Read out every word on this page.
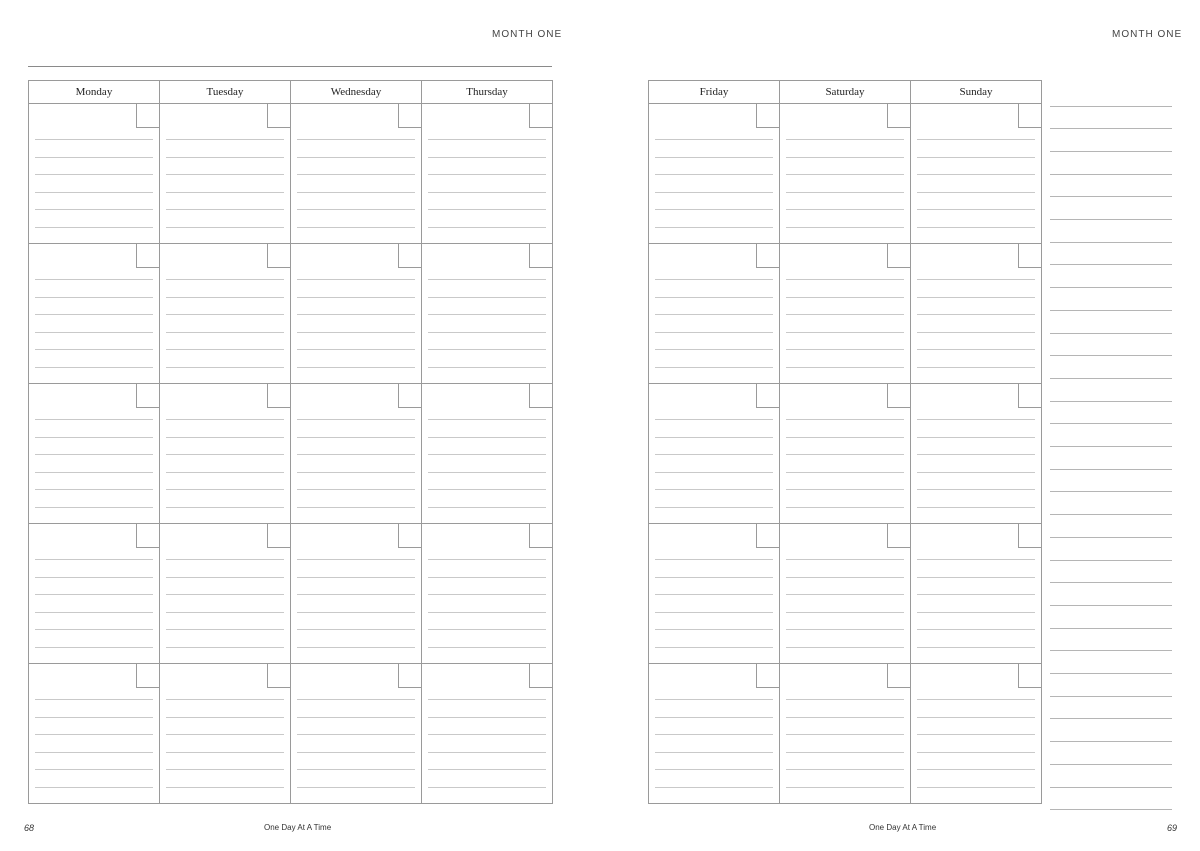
MONTH ONE
Monday	Tuesday	Wednesday	Thursday
68	One Day At A Time
MONTH ONE
Friday	Saturday	Sunday
One Day At A Time	69
